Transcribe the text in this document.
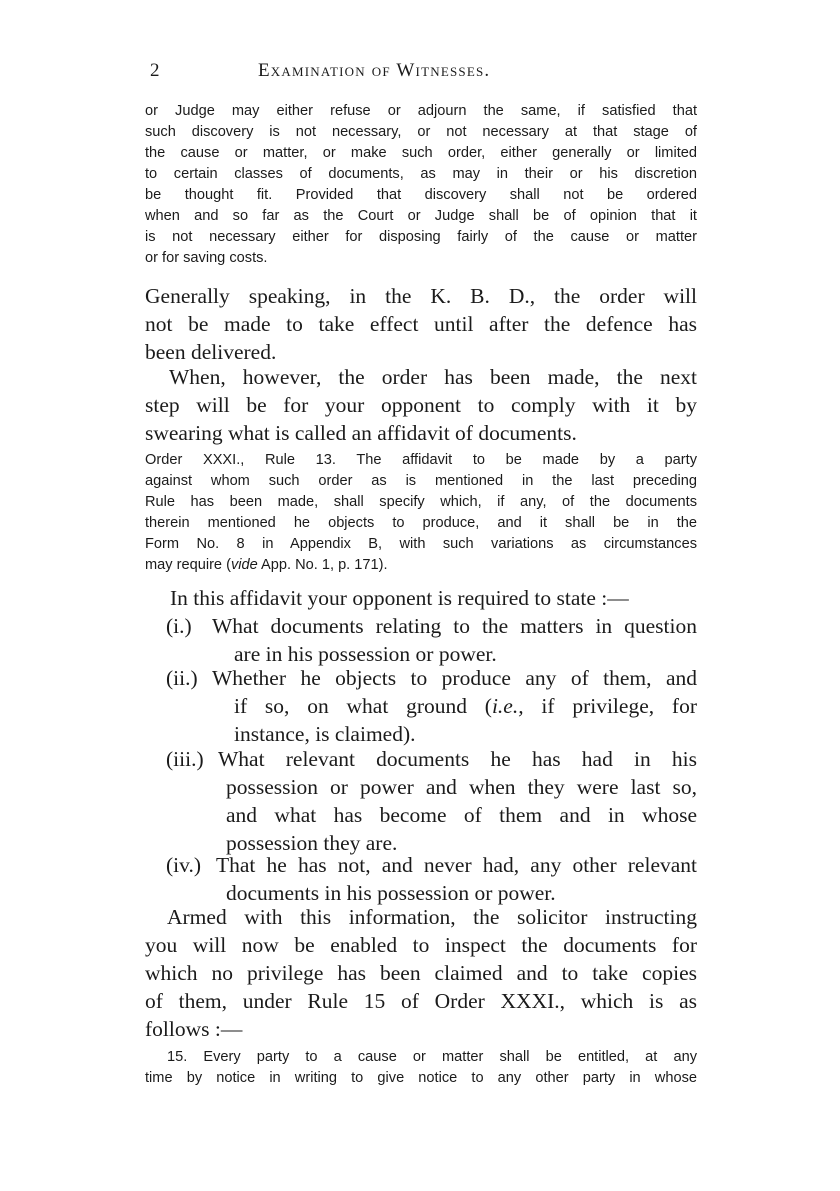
2	Examination of Witnesses.
or Judge may either refuse or adjourn the same, if satisfied that
such discovery is not necessary, or not necessary at that stage of
the cause or matter, or make such order, either generally or limited
to certain classes of documents, as may in their or his discretion
be thought fit. Provided that discovery shall not be ordered
when and so far as the Court or Judge shall be of opinion that it
is not necessary either for disposing fairly of the cause or matter
or for saving costs.
Generally speaking, in the K. B. D., the order will
not be made to take effect until after the defence has
been delivered.
When, however, the order has been made, the next
step will be for your opponent to comply with it by
swearing what is called an affidavit of documents.
Order XXXI., Rule 13. The affidavit to be made by a party
against whom such order as is mentioned in the last preceding
Rule has been made, shall specify which, if any, of the documents
therein mentioned he objects to produce, and it shall be in the
Form No. 8 in Appendix B, with such variations as circumstances
may require (vide App. No. 1, p. 171).
In this affidavit your opponent is required to state :—
(i.) What documents relating to the matters in question
are in his possession or power.
(ii.) Whether he objects to produce any of them, and
if so, on what ground (i.e., if privilege, for
instance, is claimed).
(iii.) What relevant documents he has had in his
possession or power and when they were last so,
and what has become of them and in whose
possession they are.
(iv.) That he has not, and never had, any other relevant
documents in his possession or power.
Armed with this information, the solicitor instructing
you will now be enabled to inspect the documents for
which no privilege has been claimed and to take copies
of them, under Rule 15 of Order XXXI., which is as
follows :—
15. Every party to a cause or matter shall be entitled, at any
time by notice in writing to give notice to any other party in whose
